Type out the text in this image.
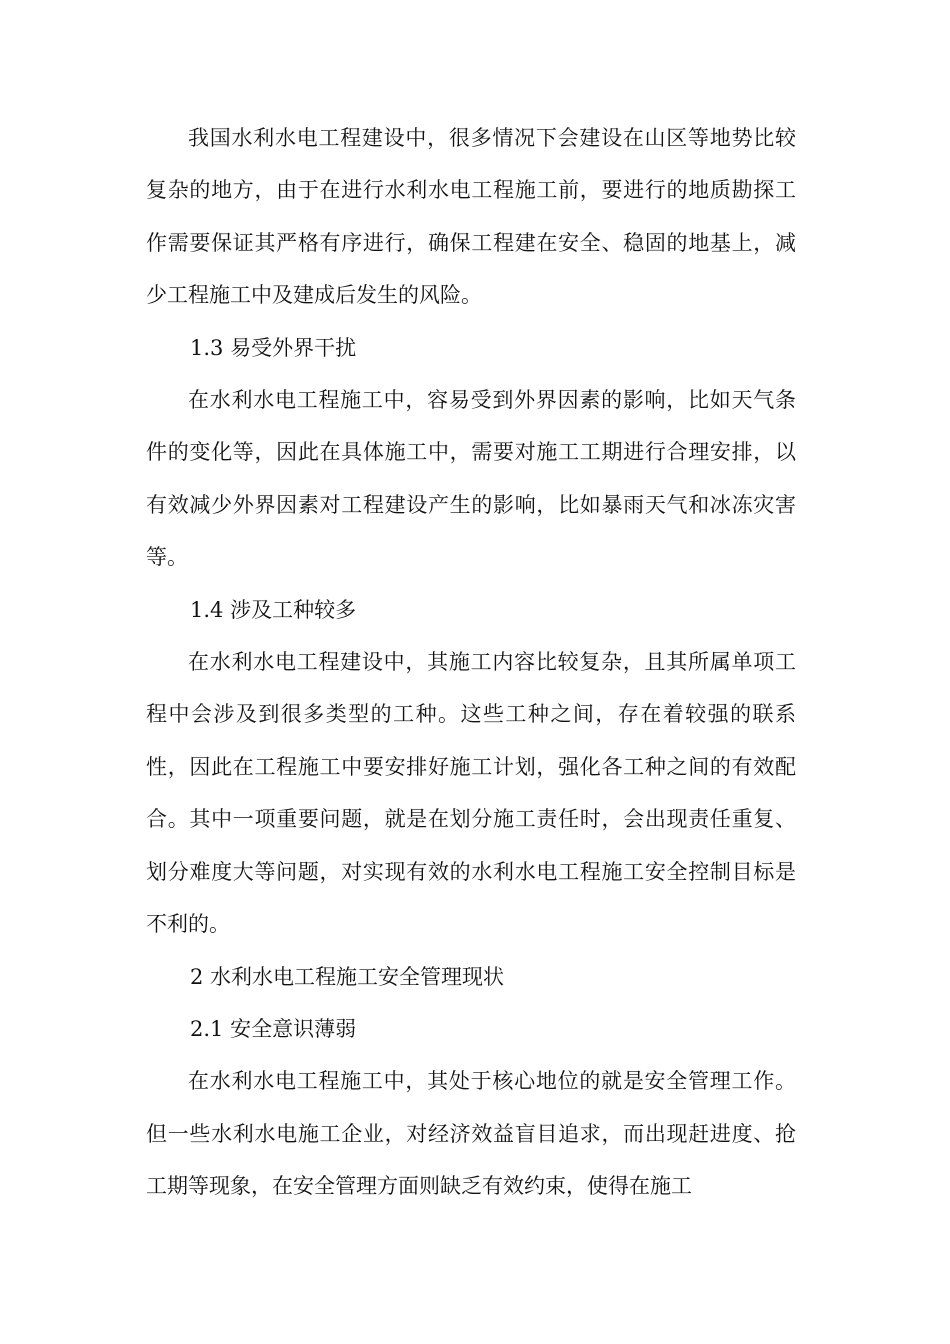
我国水利水电工程建设中，很多情况下会建设在山区等地势比较复杂的地方，由于在进行水利水电工程施工前，要进行的地质勘探工作需要保证其严格有序进行，确保工程建在安全、稳固的地基上，减少工程施工中及建成后发生的风险。

1.3 易受外界干扰

在水利水电工程施工中，容易受到外界因素的影响，比如天气条件的变化等，因此在具体施工中，需要对施工工期进行合理安排，以有效减少外界因素对工程建设产生的影响，比如暴雨天气和冰冻灾害等。

1.4 涉及工种较多

在水利水电工程建设中，其施工内容比较复杂，且其所属单项工程中会涉及到很多类型的工种。这些工种之间，存在着较强的联系性，因此在工程施工中要安排好施工计划，强化各工种之间的有效配合。其中一项重要问题，就是在划分施工责任时，会出现责任重复、划分难度大等问题，对实现有效的水利水电工程施工安全控制目标是不利的。

2 水利水电工程施工安全管理现状

2.1 安全意识薄弱

在水利水电工程施工中，其处于核心地位的就是安全管理工作。但一些水利水电施工企业，对经济效益盲目追求，而出现赶进度、抢工期等现象，在安全管理方面则缺乏有效约束，使得在施工
